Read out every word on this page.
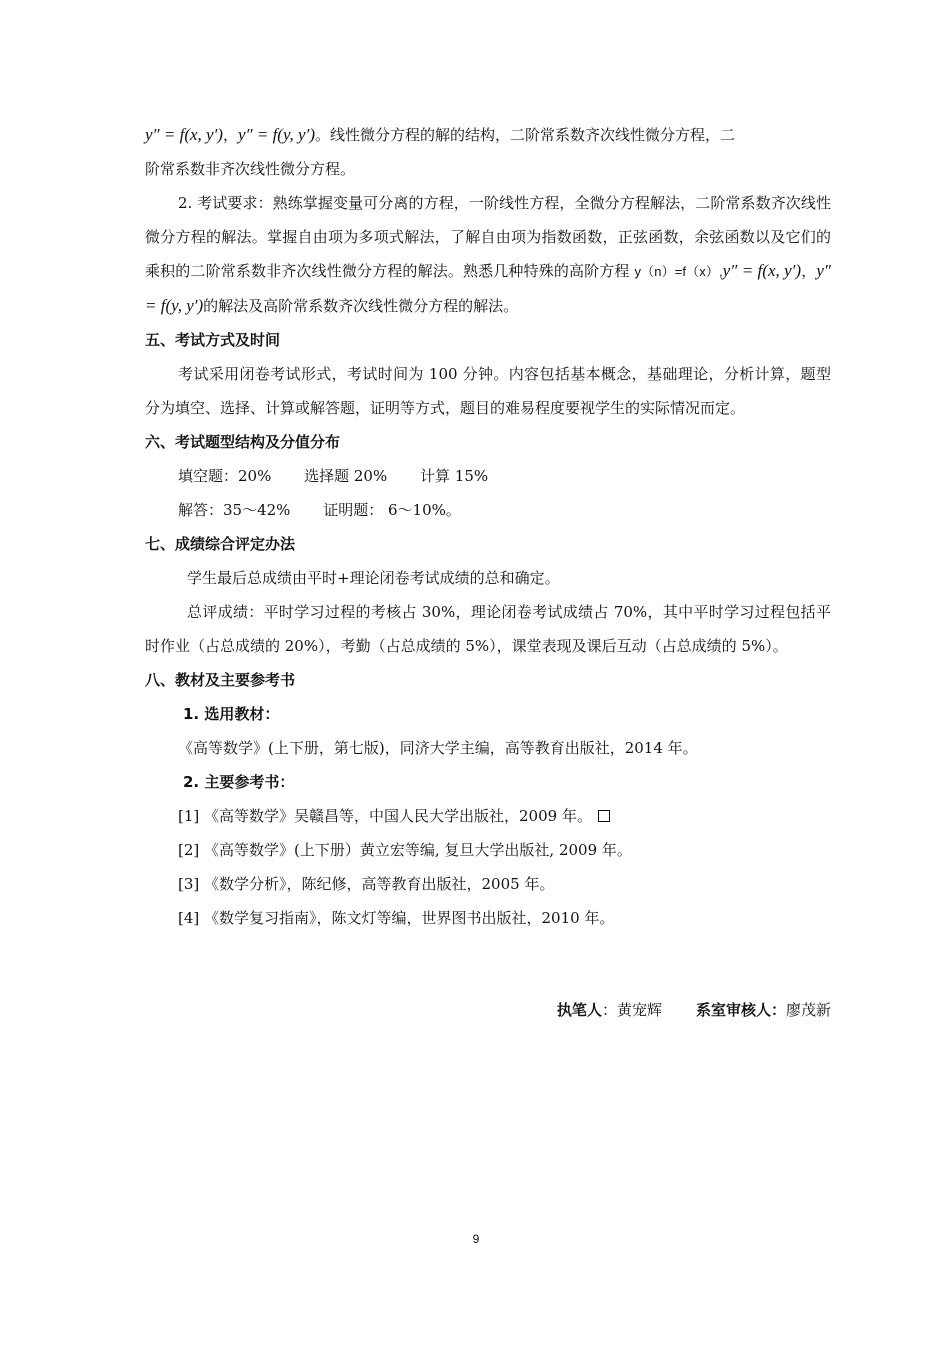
y″ = f(x, y′)，y″ = f(y, y′)。线性微分方程的解的结构，二阶常系数齐次线性微分方程，二

阶常系数非齐次线性微分方程。

2. 考试要求：熟练掌握变量可分离的方程，一阶线性方程，全微分方程解法，二阶常系数齐次线性微分方程的解法。掌握自由项为多项式解法，了解自由项为指数函数，正弦函数，余弦函数以及它们的乘积的二阶常系数非齐次线性微分方程的解法。熟悉几种特殊的高阶方程 y（n）=f（x）,y″ = f(x, y′)，y″ = f(y, y′)的解法及高阶常系数齐次线性微分方程的解法。

五、考试方式及时间

考试采用闭卷考试形式，考试时间为 100 分钟。内容包括基本概念，基础理论，分析计算，题型分为填空、选择、计算或解答题，证明等方式，题目的难易程度要视学生的实际情况而定。

六、考试题型结构及分值分布

填空题：20% 选择题 20% 计算 15%
解答：35～42% 证明题： 6～10%。

七、成绩综合评定办法

学生最后总成绩由平时+理论闭卷考试成绩的总和确定。

总评成绩：平时学习过程的考核占 30%，理论闭卷考试成绩占 70%，其中平时学习过程包括平时作业（占总成绩的 20%），考勤（占总成绩的 5%），课堂表现及课后互动（占总成绩的 5%）。

八、教材及主要参考书

1. 选用教材：

《高等数学》(上下册，第七版)，同济大学主编，高等教育出版社，2014 年。

2. 主要参考书：

[1] 《高等数学》吴赣昌等，中国人民大学出版社，2009 年。

[2] 《高等数学》(上下册）黄立宏等编, 复旦大学出版社, 2009 年。

[3] 《数学分析》，陈纪修，高等教育出版社，2005 年。

[4] 《数学复习指南》，陈文灯等编，世界图书出版社，2010 年。

执笔人：黄宠辉 系室审核人：廖茂新
9
